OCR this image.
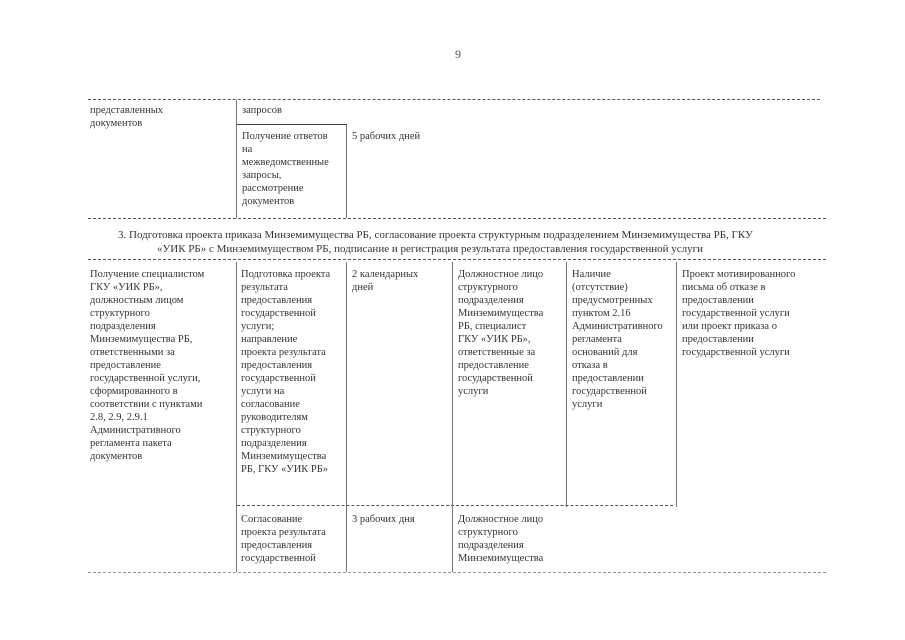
9
представленных
документов
запросов
Получение ответов
на
межведомственные
запросы,
рассмотрение
документов
5 рабочих дней
3. Подготовка проекта приказа Минземимущества РБ, согласование проекта структурным подразделением Минземимущества РБ, ГКУ
«УИК РБ» с Минземимуществом РБ, подписание и регистрация результата предоставления государственной услуги
Получение специалистом
ГКУ «УИК РБ»,
должностным лицом
структурного
подразделения
Минземимущества РБ,
ответственными за
предоставление
государственной услуги,
сформированного в
соответствии с пунктами
2.8, 2.9, 2.9.1
Административного
регламента пакета
документов
Подготовка проекта
результата
предоставления
государственной
услуги;
направление
проекта результата
предоставления
государственной
услуги на
согласование
руководителям
структурного
подразделения
Минземимущества
РБ, ГКУ «УИК РБ»
2 календарных
дней
Должностное лицо
структурного
подразделения
Минземимущества
РБ, специалист
ГКУ «УИК РБ»,
ответственные за
предоставление
государственной
услуги
Наличие
(отсутствие)
предусмотренных
пунктом 2.16
Административного
регламента
оснований для
отказа в
предоставлении
государственной
услуги
Проект мотивированного
письма об отказе в
предоставлении
государственной услуги
или проект приказа о
предоставлении
государственной услуги
Согласование
проекта результата
предоставления
государственной
3 рабочих дня	Должностное лицо
структурного
подразделения
Минземимущества
